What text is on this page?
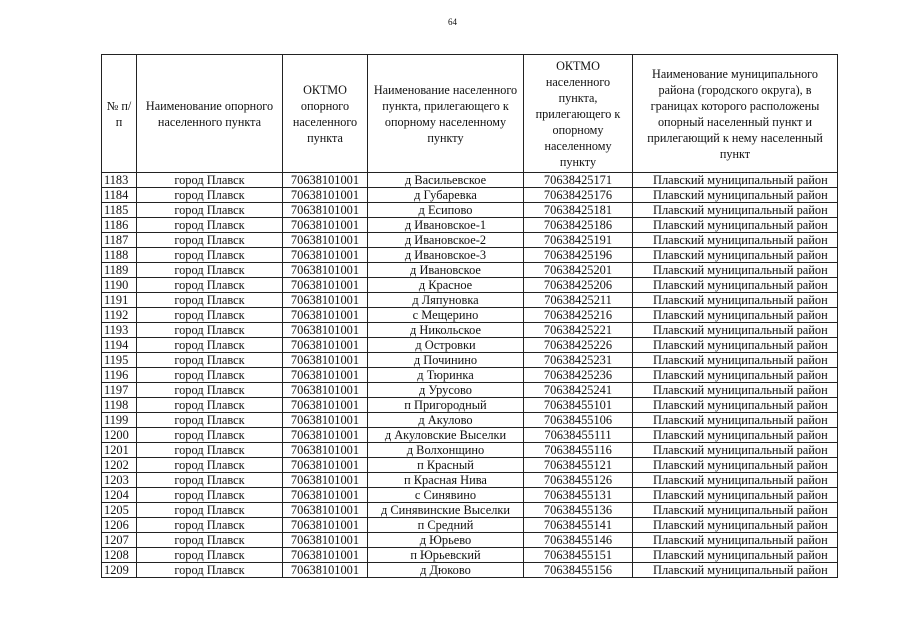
64
№ п/п	Наименование опорного населенного пункта	ОКТМО опорного населенного пункта	Наименование населенного пункта, прилегающего к опорному населенному пункту	ОКТМО населенного пункта, прилегающего к опорному населенному пункту	Наименование муниципального района (городского округа), в границах которого расположены опорный населенный пункт и прилегающий к нему населенный пункт
1183	город Плавск	70638101001	д Васильевское	70638425171	Плавский муниципальный район
1184	город Плавск	70638101001	д Губаревка	70638425176	Плавский муниципальный район
1185	город Плавск	70638101001	д Есипово	70638425181	Плавский муниципальный район
1186	город Плавск	70638101001	д Ивановское-1	70638425186	Плавский муниципальный район
1187	город Плавск	70638101001	д Ивановское-2	70638425191	Плавский муниципальный район
1188	город Плавск	70638101001	д Ивановское-3	70638425196	Плавский муниципальный район
1189	город Плавск	70638101001	д Ивановское	70638425201	Плавский муниципальный район
1190	город Плавск	70638101001	д Красное	70638425206	Плавский муниципальный район
1191	город Плавск	70638101001	д Ляпуновка	70638425211	Плавский муниципальный район
1192	город Плавск	70638101001	с Мещерино	70638425216	Плавский муниципальный район
1193	город Плавск	70638101001	д Никольское	70638425221	Плавский муниципальный район
1194	город Плавск	70638101001	д Островки	70638425226	Плавский муниципальный район
1195	город Плавск	70638101001	д Починино	70638425231	Плавский муниципальный район
1196	город Плавск	70638101001	д Тюринка	70638425236	Плавский муниципальный район
1197	город Плавск	70638101001	д Урусово	70638425241	Плавский муниципальный район
1198	город Плавск	70638101001	п Пригородный	70638455101	Плавский муниципальный район
1199	город Плавск	70638101001	д Акулово	70638455106	Плавский муниципальный район
1200	город Плавск	70638101001	д Акуловские Выселки	70638455111	Плавский муниципальный район
1201	город Плавск	70638101001	д Волхонщино	70638455116	Плавский муниципальный район
1202	город Плавск	70638101001	п Красный	70638455121	Плавский муниципальный район
1203	город Плавск	70638101001	п Красная Нива	70638455126	Плавский муниципальный район
1204	город Плавск	70638101001	с Синявино	70638455131	Плавский муниципальный район
1205	город Плавск	70638101001	д Синявинские Выселки	70638455136	Плавский муниципальный район
1206	город Плавск	70638101001	п Средний	70638455141	Плавский муниципальный район
1207	город Плавск	70638101001	д Юрьево	70638455146	Плавский муниципальный район
1208	город Плавск	70638101001	п Юрьевский	70638455151	Плавский муниципальный район
1209	город Плавск	70638101001	д Дюково	70638455156	Плавский муниципальный район
